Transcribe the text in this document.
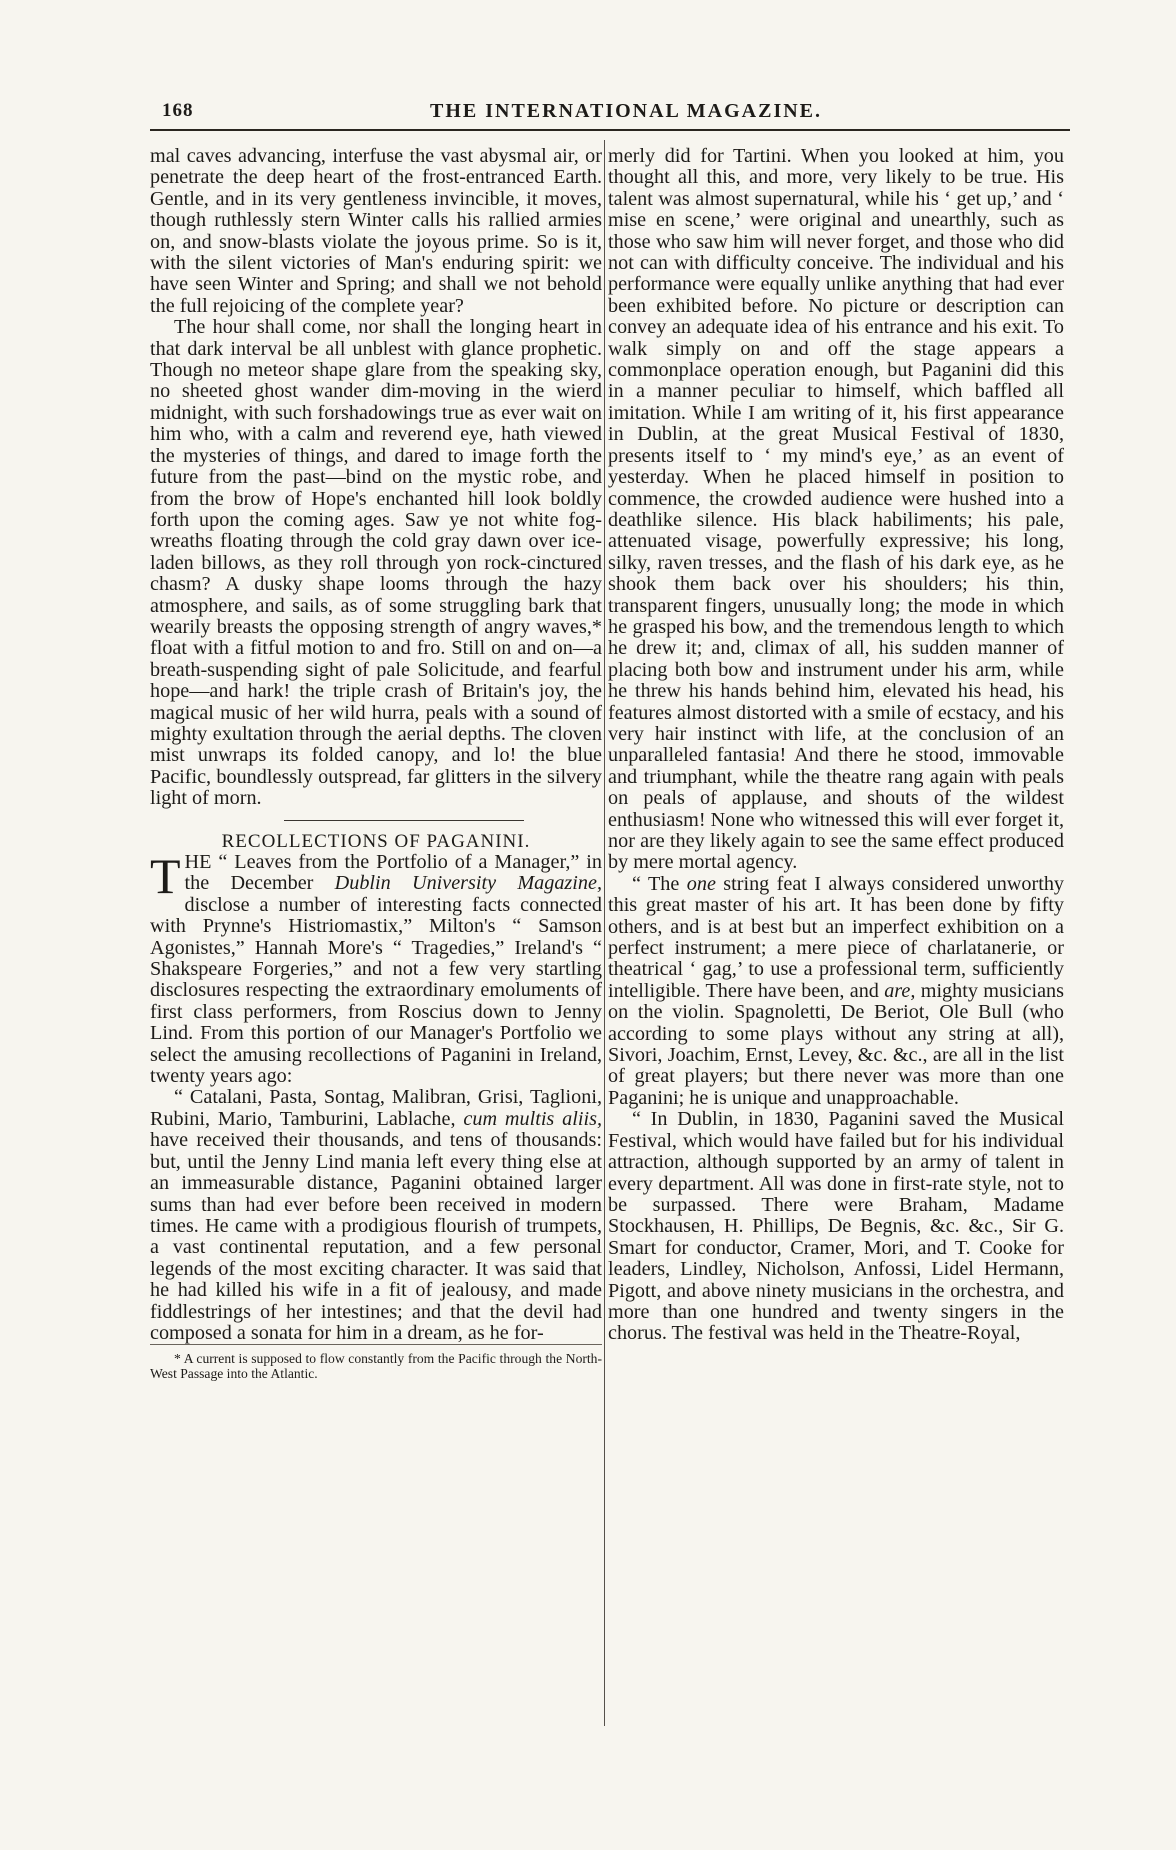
168	THE INTERNATIONAL MAGAZINE.

mal caves advancing, interfuse the vast abysmal air, or penetrate the deep heart of the frost-entranced Earth. Gentle, and in its very gentleness invincible, it moves, though ruthlessly stern Winter calls his rallied armies on, and snow-blasts violate the joyous prime. So is it, with the silent victories of Man's enduring spirit: we have seen Winter and Spring; and shall we not behold the full rejoicing of the complete year?

The hour shall come, nor shall the longing heart in that dark interval be all unblest with glance prophetic. Though no meteor shape glare from the speaking sky, no sheeted ghost wander dim-moving in the wierd midnight, with such forshadowings true as ever wait on him who, with a calm and reverend eye, hath viewed the mysteries of things, and dared to image forth the future from the past—bind on the mystic robe, and from the brow of Hope's enchanted hill look boldly forth upon the coming ages. Saw ye not white fog-wreaths floating through the cold gray dawn over ice-laden billows, as they roll through yon rock-cinctured chasm? A dusky shape looms through the hazy atmosphere, and sails, as of some struggling bark that wearily breasts the opposing strength of angry waves,* float with a fitful motion to and fro. Still on and on—a breath-suspending sight of pale Solicitude, and fearful hope—and hark! the triple crash of Britain's joy, the magical music of her wild hurra, peals with a sound of mighty exultation through the aerial depths. The cloven mist unwraps its folded canopy, and lo! the blue Pacific, boundlessly outspread, far glitters in the silvery light of morn.

RECOLLECTIONS OF PAGANINI.

THE “ Leaves from the Portfolio of a Manager,” in the December Dublin University Magazine, disclose a number of interesting facts connected with Prynne's Histriomastix,” Milton's “ Samson Agonistes,” Hannah More's “ Tragedies,” Ireland's “ Shakspeare Forgeries,” and not a few very startling disclosures respecting the extraordinary emoluments of first class performers, from Roscius down to Jenny Lind. From this portion of our Manager's Portfolio we select the amusing recollections of Paganini in Ireland, twenty years ago:

“ Catalani, Pasta, Sontag, Malibran, Grisi, Taglioni, Rubini, Mario, Tamburini, Lablache, cum multis aliis, have received their thousands, and tens of thousands: but, until the Jenny Lind mania left every thing else at an immeasurable distance, Paganini obtained larger sums than had ever before been received in modern times. He came with a prodigious flourish of trumpets, a vast continental reputation, and a few personal legends of the most exciting character. It was said that he had killed his wife in a fit of jealousy, and made fiddlestrings of her intestines; and that the devil had composed a sonata for him in a dream, as he for-

* A current is supposed to flow constantly from the Pacific through the North-West Passage into the Atlantic.

merly did for Tartini. When you looked at him, you thought all this, and more, very likely to be true. His talent was almost supernatural, while his ‘ get up,’ and ‘ mise en scene,’ were original and unearthly, such as those who saw him will never forget, and those who did not can with difficulty conceive. The individual and his performance were equally unlike anything that had ever been exhibited before. No picture or description can convey an adequate idea of his entrance and his exit. To walk simply on and off the stage appears a commonplace operation enough, but Paganini did this in a manner peculiar to himself, which baffled all imitation. While I am writing of it, his first appearance in Dublin, at the great Musical Festival of 1830, presents itself to ‘ my mind's eye,’ as an event of yesterday. When he placed himself in position to commence, the crowded audience were hushed into a deathlike silence. His black habiliments; his pale, attenuated visage, powerfully expressive; his long, silky, raven tresses, and the flash of his dark eye, as he shook them back over his shoulders; his thin, transparent fingers, unusually long; the mode in which he grasped his bow, and the tremendous length to which he drew it; and, climax of all, his sudden manner of placing both bow and instrument under his arm, while he threw his hands behind him, elevated his head, his features almost distorted with a smile of ecstacy, and his very hair instinct with life, at the conclusion of an unparalleled fantasia! And there he stood, immovable and triumphant, while the theatre rang again with peals on peals of applause, and shouts of the wildest enthusiasm! None who witnessed this will ever forget it, nor are they likely again to see the same effect produced by mere mortal agency.

“ The one string feat I always considered unworthy this great master of his art. It has been done by fifty others, and is at best but an imperfect exhibition on a perfect instrument; a mere piece of charlatanerie, or theatrical ‘ gag,’ to use a professional term, sufficiently intelligible. There have been, and are, mighty musicians on the violin. Spagnoletti, De Beriot, Ole Bull (who according to some plays without any string at all), Sivori, Joachim, Ernst, Levey, &c. &c., are all in the list of great players; but there never was more than one Paganini; he is unique and unapproachable.

“ In Dublin, in 1830, Paganini saved the Musical Festival, which would have failed but for his individual attraction, although supported by an army of talent in every department. All was done in first-rate style, not to be surpassed. There were Braham, Madame Stockhausen, H. Phillips, De Begnis, &c. &c., Sir G. Smart for conductor, Cramer, Mori, and T. Cooke for leaders, Lindley, Nicholson, Anfossi, Lidel Hermann, Pigott, and above ninety musicians in the orchestra, and more than one hundred and twenty singers in the chorus. The festival was held in the Theatre-Royal,
